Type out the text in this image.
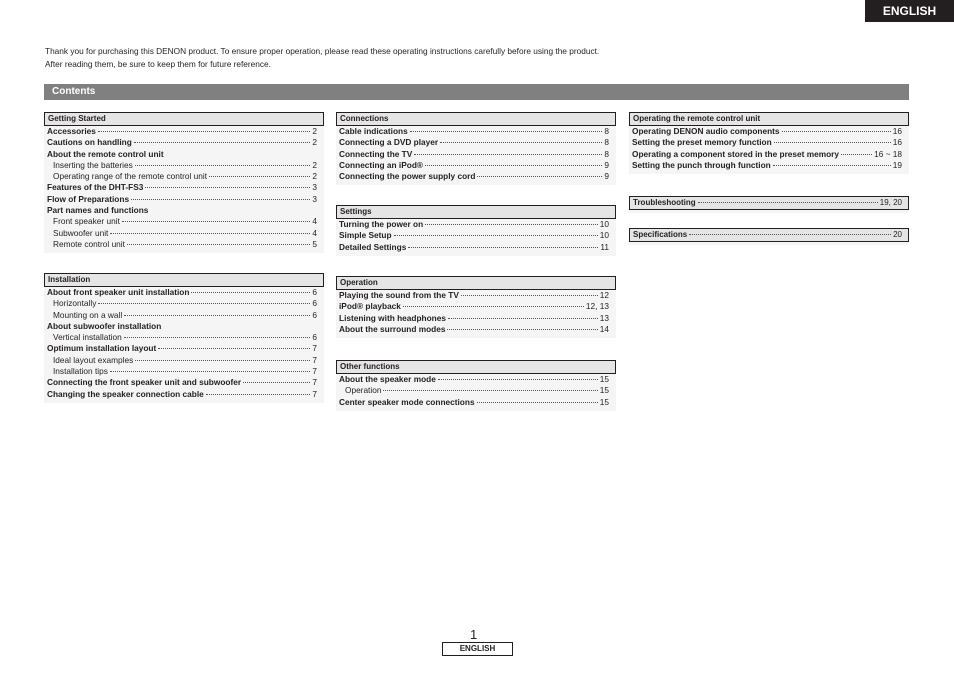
ENGLISH
Thank you for purchasing this DENON product. To ensure proper operation, please read these operating instructions carefully before using the product.
After reading them, be sure to keep them for future reference.
Contents
Getting Started
Accessories	2
Cautions on handling	2
About the remote control unit
Inserting the batteries	2
Operating range of the remote control unit	2
Features of the DHT-FS3	3
Flow of Preparations	3
Part names and functions
Front speaker unit	4
Subwoofer unit	4
Remote control unit	5
Installation
About front speaker unit installation	6
Horizontally	6
Mounting on a wall	6
About subwoofer installation
Vertical installation	6
Optimum installation layout	7
Ideal layout examples	7
Installation tips	7
Connecting the front speaker unit and subwoofer	7
Changing the speaker connection cable	7
Connections
Cable indications	8
Connecting a DVD player	8
Connecting the TV	8
Connecting an iPod®	9
Connecting the power supply cord	9
Settings
Turning the power on	10
Simple Setup	10
Detailed Settings	11
Operation
Playing the sound from the TV	12
iPod® playback	12, 13
Listening with headphones	13
About the surround modes	14
Other functions
About the speaker mode	15
Operation	15
Center speaker mode connections	15
Operating the remote control unit
Operating DENON audio components	16
Setting the preset memory function	16
Operating a component stored in the preset memory	16 ~ 18
Setting the punch through function	19
Troubleshooting	19, 20
Specifications	20
1
ENGLISH
